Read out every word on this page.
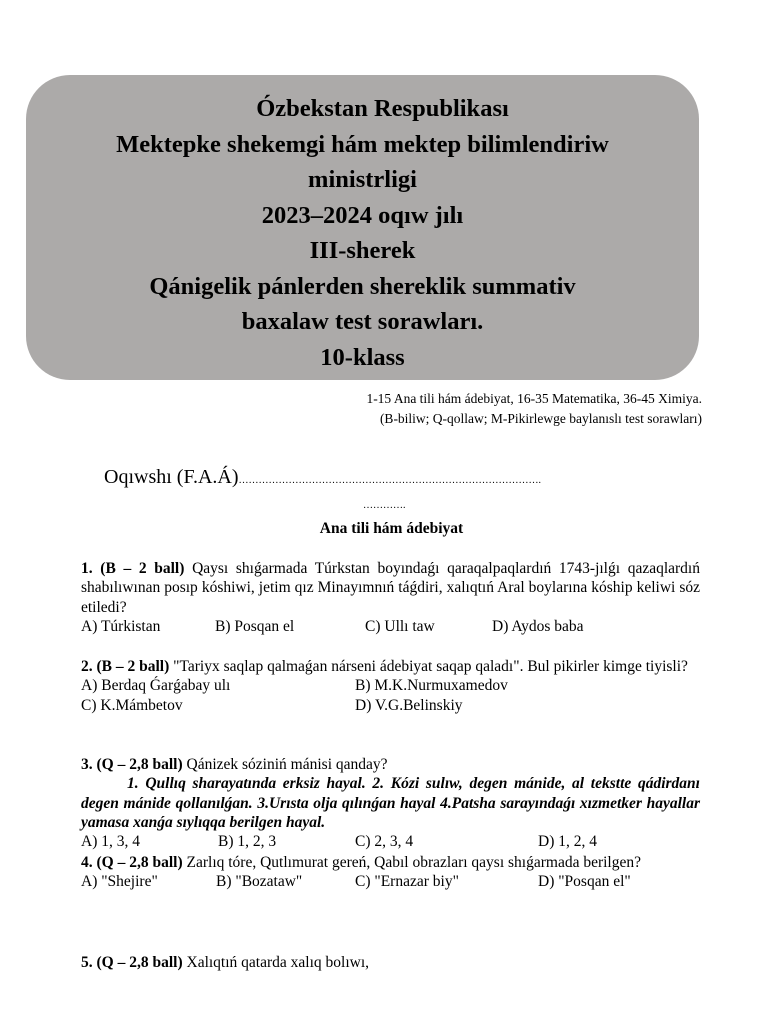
Ózbekstan Respublikası
Mektepke shekemgi hám mektep bilimlendiriw
ministrligi
2023–2024 oqıw jılı
III-sherek
Qánigelik pánlerden shereklik summativ
baxalaw test sorawları.
10-klass
1-15 Ana tili hám ádebiyat, 16-35 Matematika, 36-45 Ximiya.
(B-biliw; Q-qollaw; M-Pikirlewge baylanıslı test sorawları)
Oqıwshı (F.A.Á)……………………………………………………………………………….
………….
Ana tili hám ádebiyat
1. (B – 2 ball) Qaysı shıǵarmada Túrkstan boyındaǵı qaraqalpaqlardıń 1743-jılǵı qazaqlardıń shabılıwınan posıp kóshiwi, jetim qız Minayımnıń táǵdiri, xalıqtıń Aral boylarına kóship keliwi sóz etiledi?
A) Túrkistan	B) Posqan el	C) Ullı taw	D) Aydos baba
2. (B – 2 ball) "Tariyx saqlap qalmaǵan nárseni ádebiyat saqap qaladı". Bul pikirler kimge tiyisli?
A) Berdaq Ǵarǵabay ulı	B) M.K.Nurmuxamedov
C) K.Mámbetov	D) V.G.Belinskiy
3. (Q – 2,8 ball) Qánizek sóziniń mánisi qanday?
1. Qullıq sharayatında erksiz hayal. 2. Kózi sulıw, degen mánide, al tekstte qádirdanı degen mánide qollanılǵan. 3.Urısta olja qılınǵan hayal 4.Patsha sarayındaǵı xızmetker hayallar yamasa xanǵa sıylıqqa berilgen hayal.
A) 1, 3, 4	B) 1, 2, 3	C) 2, 3, 4	D) 1, 2, 4
4. (Q – 2,8 ball) Zarlıq tóre, Qutlımurat gereń, Qabıl obrazları qaysı shıǵarmada berilgen?
A) "Shejire"	B) "Bozataw"	C) "Ernazar biy"	D) "Posqan el"
5. (Q – 2,8 ball) Xalıqtıń qatarda xalıq bolıwı,
